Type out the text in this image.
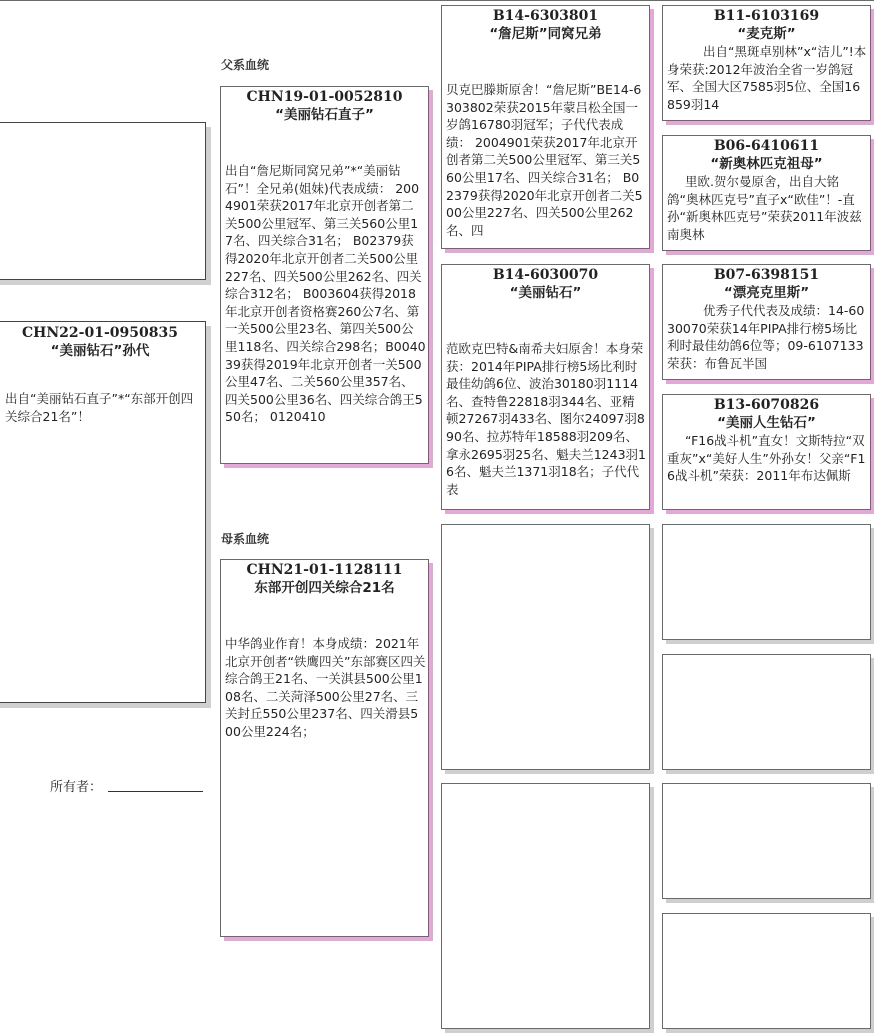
CHN22-01-0950835
“美丽钻石”孙代
出自“美丽钻石直子”*“东部开创四关综合21名”！
所有者：
父系血统
母系血统
CHN19-01-0052810
“美丽钻石直子”
出自“詹尼斯同窝兄弟”*“美丽钻石”！全兄弟(姐妹)代表成绩： 2004901荣获2017年北京开创者第二关500公里冠军、第三关560公里17名、四关综合31名； B02379获得2020年北京开创者二关500公里227名、四关500公里262名、四关综合312名； B003604获得2018年北京开创者资格赛260公7名、第一关500公里23名、第四关500公里118名、四关综合298名；B004039获得2019年北京开创者一关500公里47名、二关560公里357名、四关500公里36名、四关综合鸽王550名； 0120410
CHN21-01-1128111
东部开创四关综合21名
中华鸽业作育！本身成绩：2021年北京开创者“铁鹰四关”东部赛区四关综合鸽王21名、一关淇县500公里108名、二关菏泽500公里27名、三关封丘550公里237名、四关滑县500公里224名；
B14-6303801
“詹尼斯”同窝兄弟
贝克巴滕斯原舍！“詹尼斯”BE14-6303802荣获2015年蒙吕松全国一岁鸽16780羽冠军；子代代表成绩： 2004901荣获2017年北京开创者第二关500公里冠军、第三关560公里17名、四关综合31名； B02379获得2020年北京开创者二关500公里227名、四关500公里262名、四
B14-6030070
“美丽钻石”
范欧克巴特&南希夫妇原舍！本身荣获：2014年PIPA排行榜5场比利时最佳幼鸽6位、波治30180羽1114名、查特鲁22818羽344名、亚精顿27267羽433名、图尔24097羽890名、拉苏特年18588羽209名、拿永2695羽25名、魁夫兰1243羽16名、魁夫兰1371羽18名；子代代表
B11-6103169
“麦克斯”
出自“黑斑卓别林”x“洁儿”!本身荣获:2012年波治全省一岁鸽冠军、全国大区7585羽5位、全国16859羽14
B06-6410611
“新奥林匹克祖母”
里欧.贺尔曼原舍，出自大铭鸽“奥林匹克号”直子x“欧佳”！-直孙“新奥林匹克号”荣获2011年波兹南奥林
B07-6398151
“漂亮克里斯”
优秀子代代表及成绩：14-6030070荣获14年PIPA排行榜5场比利时最佳幼鸽6位等；09-6107133荣获：布鲁瓦半国
B13-6070826
“美丽人生钻石”
“F16战斗机”直女！文斯特拉“双重灰”x“美好人生”外孙女！父亲“F16战斗机”荣获：2011年布达佩斯
